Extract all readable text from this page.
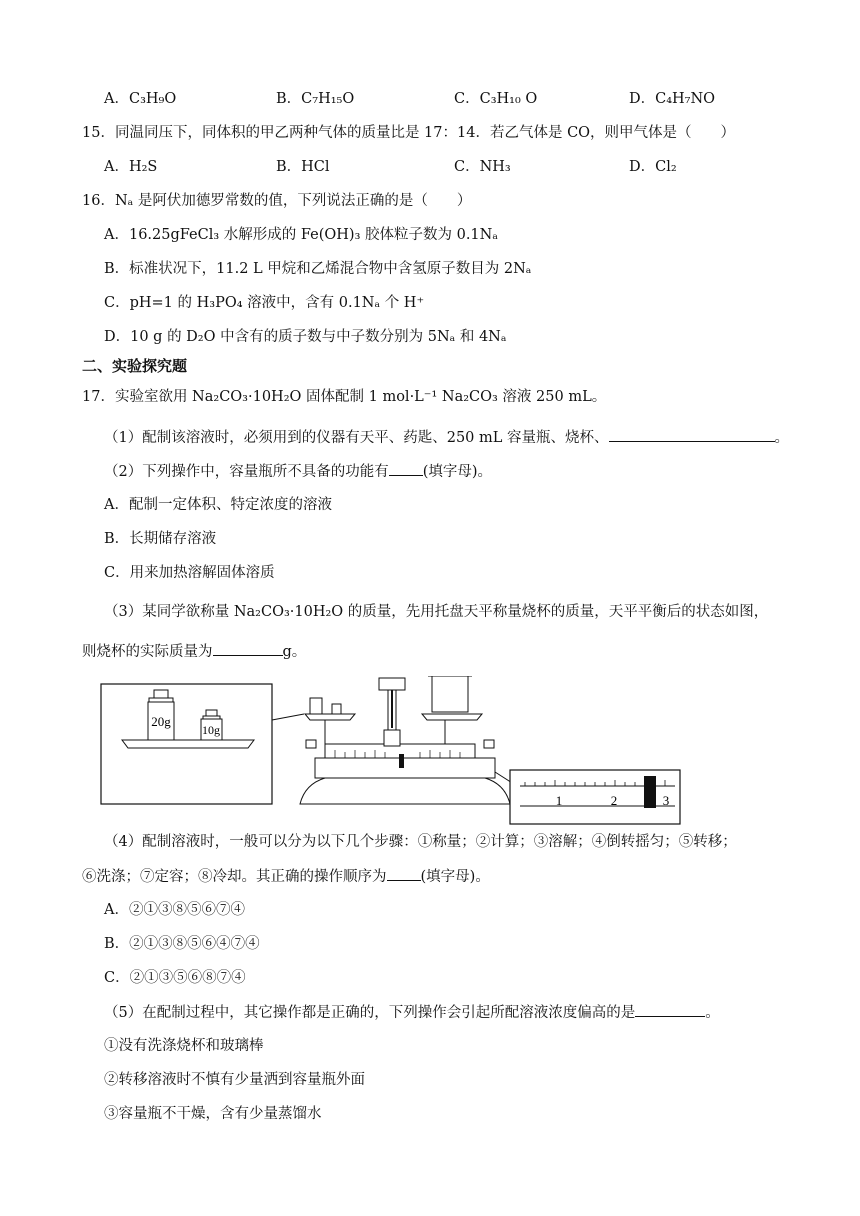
A．C₃H₉O	B．C₇H₁₅O	C．C₃H₁₀ O	D．C₄H₇NO
15．同温同压下，同体积的甲乙两种气体的质量比是 17：14．若乙气体是 CO，则甲气体是（　　）
A．H₂S	B．HCl	C．NH₃	D．Cl₂
16．Nₐ 是阿伏加德罗常数的值，下列说法正确的是（　　）
A．16.25gFeCl₃ 水解形成的 Fe(OH)₃ 胶体粒子数为 0.1Nₐ
B．标准状况下，11.2 L 甲烷和乙烯混合物中含氢原子数目为 2Nₐ
C．pH=1 的 H₃PO₄ 溶液中，含有 0.1Nₐ 个 H⁺
D．10 g 的 D₂O 中含有的质子数与中子数分别为 5Nₐ 和 4Nₐ
二、实验探究题
17．实验室欲用 Na₂CO₃·10H₂O 固体配制 1 mol·L⁻¹ Na₂CO₃ 溶液 250 mL。
（1）配制该溶液时，必须用到的仪器有天平、药匙、250 mL 容量瓶、烧杯、	。
（2）下列操作中，容量瓶所不具备的功能有 (填字母)。
A．配制一定体积、特定浓度的溶液
B．长期储存溶液
C．用来加热溶解固体溶质
（3）某同学欲称量 Na₂CO₃·10H₂O 的质量，先用托盘天平称量烧杯的质量，天平平衡后的状态如图，
则烧杯的实际质量为	g。
20g
10g
1	2	3
（4）配制溶液时，一般可以分为以下几个步骤：①称量；②计算；③溶解；④倒转摇匀；⑤转移；
⑥洗涤；⑦定容；⑧冷却。其正确的操作顺序为 (填字母)。
A．②①③⑧⑤⑥⑦④
B．②①③⑧⑤⑥④⑦④
C．②①③⑤⑥⑧⑦④
（5）在配制过程中，其它操作都是正确的，下列操作会引起所配溶液浓度偏高的是	。
①没有洗涤烧杯和玻璃棒
②转移溶液时不慎有少量洒到容量瓶外面
③容量瓶不干燥，含有少量蒸馏水
